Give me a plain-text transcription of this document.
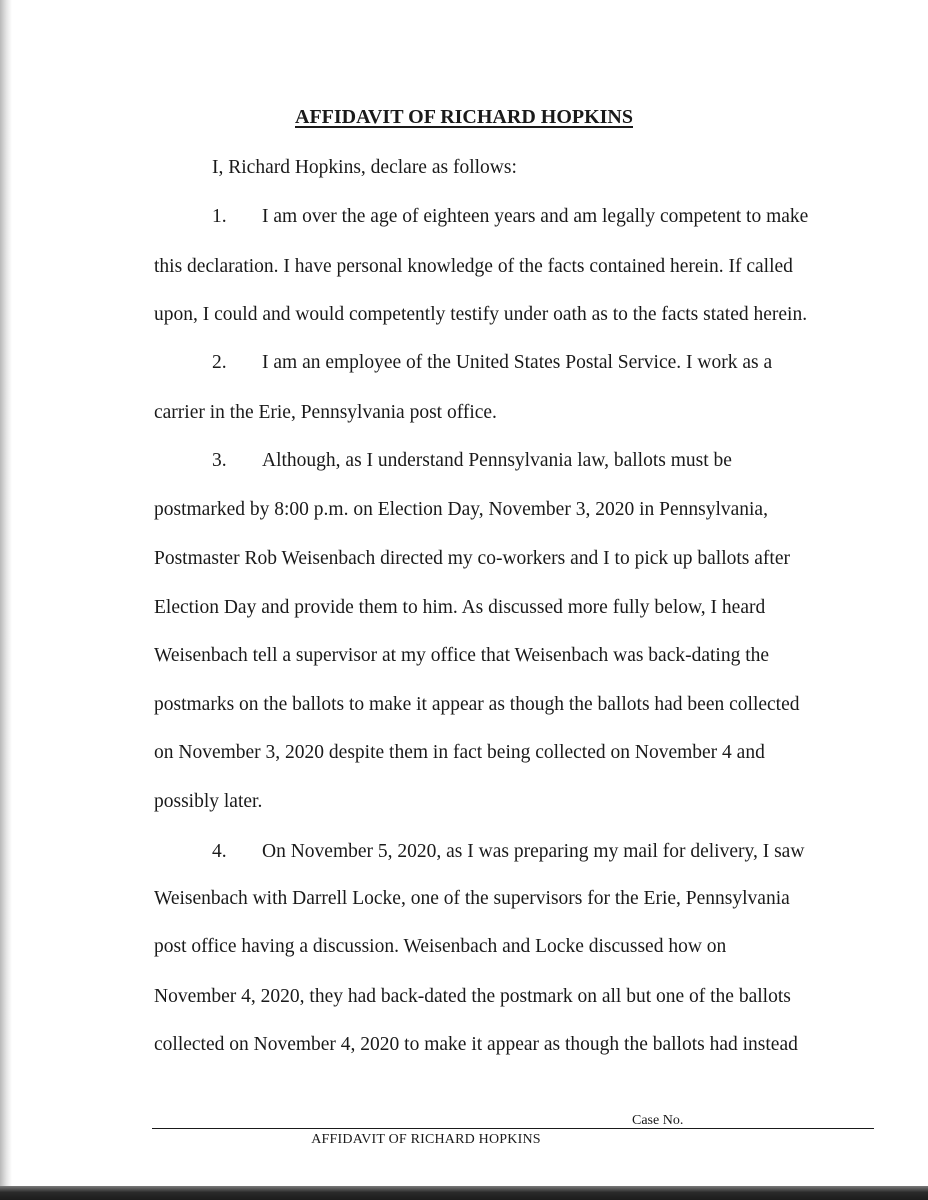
AFFIDAVIT OF RICHARD HOPKINS

I, Richard Hopkins, declare as follows:

1. I am over the age of eighteen years and am legally competent to make

this declaration. I have personal knowledge of the facts contained herein. If called

upon, I could and would competently testify under oath as to the facts stated herein.

2. I am an employee of the United States Postal Service. I work as a

carrier in the Erie, Pennsylvania post office.

3. Although, as I understand Pennsylvania law, ballots must be

postmarked by 8:00 p.m. on Election Day, November 3, 2020 in Pennsylvania,

Postmaster Rob Weisenbach directed my co-workers and I to pick up ballots after

Election Day and provide them to him. As discussed more fully below, I heard

Weisenbach tell a supervisor at my office that Weisenbach was back-dating the

postmarks on the ballots to make it appear as though the ballots had been collected

on November 3, 2020 despite them in fact being collected on November 4 and

possibly later.

4. On November 5, 2020, as I was preparing my mail for delivery, I saw

Weisenbach with Darrell Locke, one of the supervisors for the Erie, Pennsylvania

post office having a discussion. Weisenbach and Locke discussed how on

November 4, 2020, they had back-dated the postmark on all but one of the ballots

collected on November 4, 2020 to make it appear as though the ballots had instead

Case No.
AFFIDAVIT OF RICHARD HOPKINS
